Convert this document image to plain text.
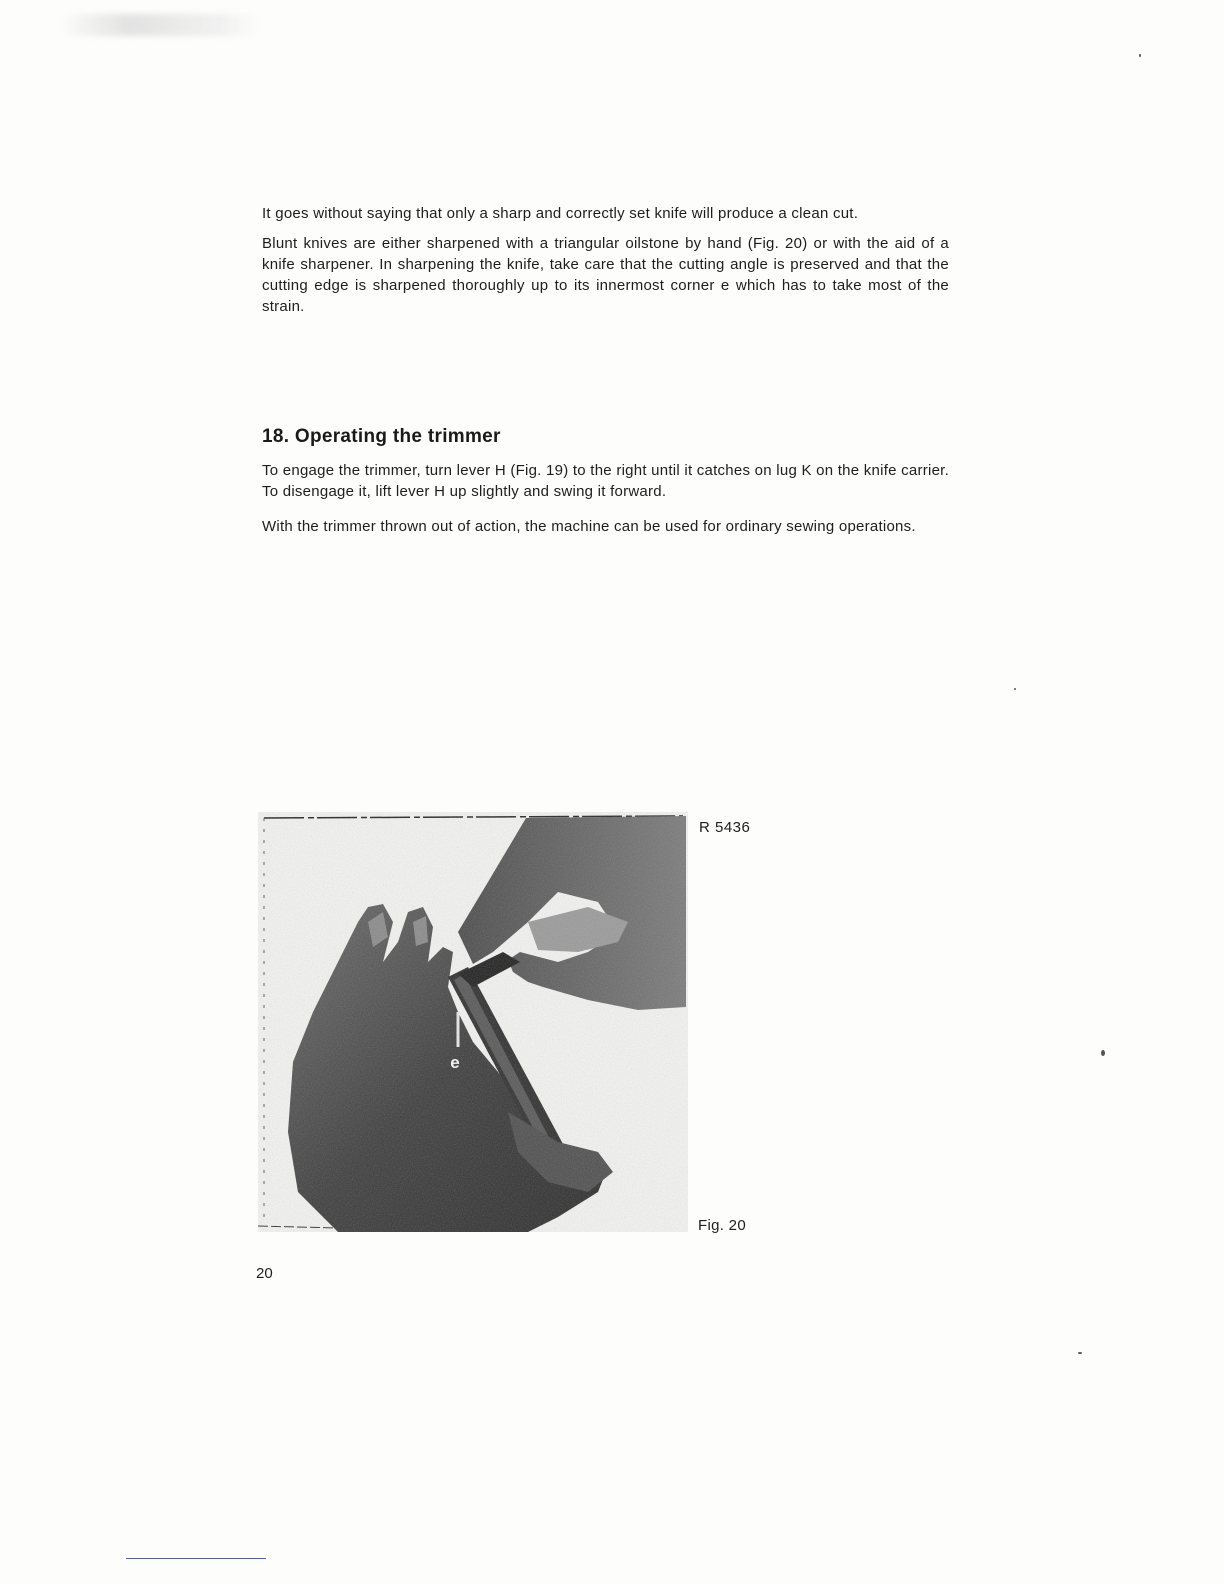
It goes without saying that only a sharp and correctly set knife will produce a clean cut.

Blunt knives are either sharpened with a triangular oilstone by hand (Fig. 20) or with the aid of a knife sharpener. In sharpening the knife, take care that the cutting angle is preserved and that the cutting edge is sharpened thoroughly up to its innermost corner e which has to take most of the strain.

18. Operating the trimmer

To engage the trimmer, turn lever H (Fig. 19) to the right until it catches on lug K on the knife carrier. To disengage it, lift lever H up slightly and swing it forward.

With the trimmer thrown out of action, the machine can be used for ordinary sewing operations.

e
R 5436
Fig. 20
20
